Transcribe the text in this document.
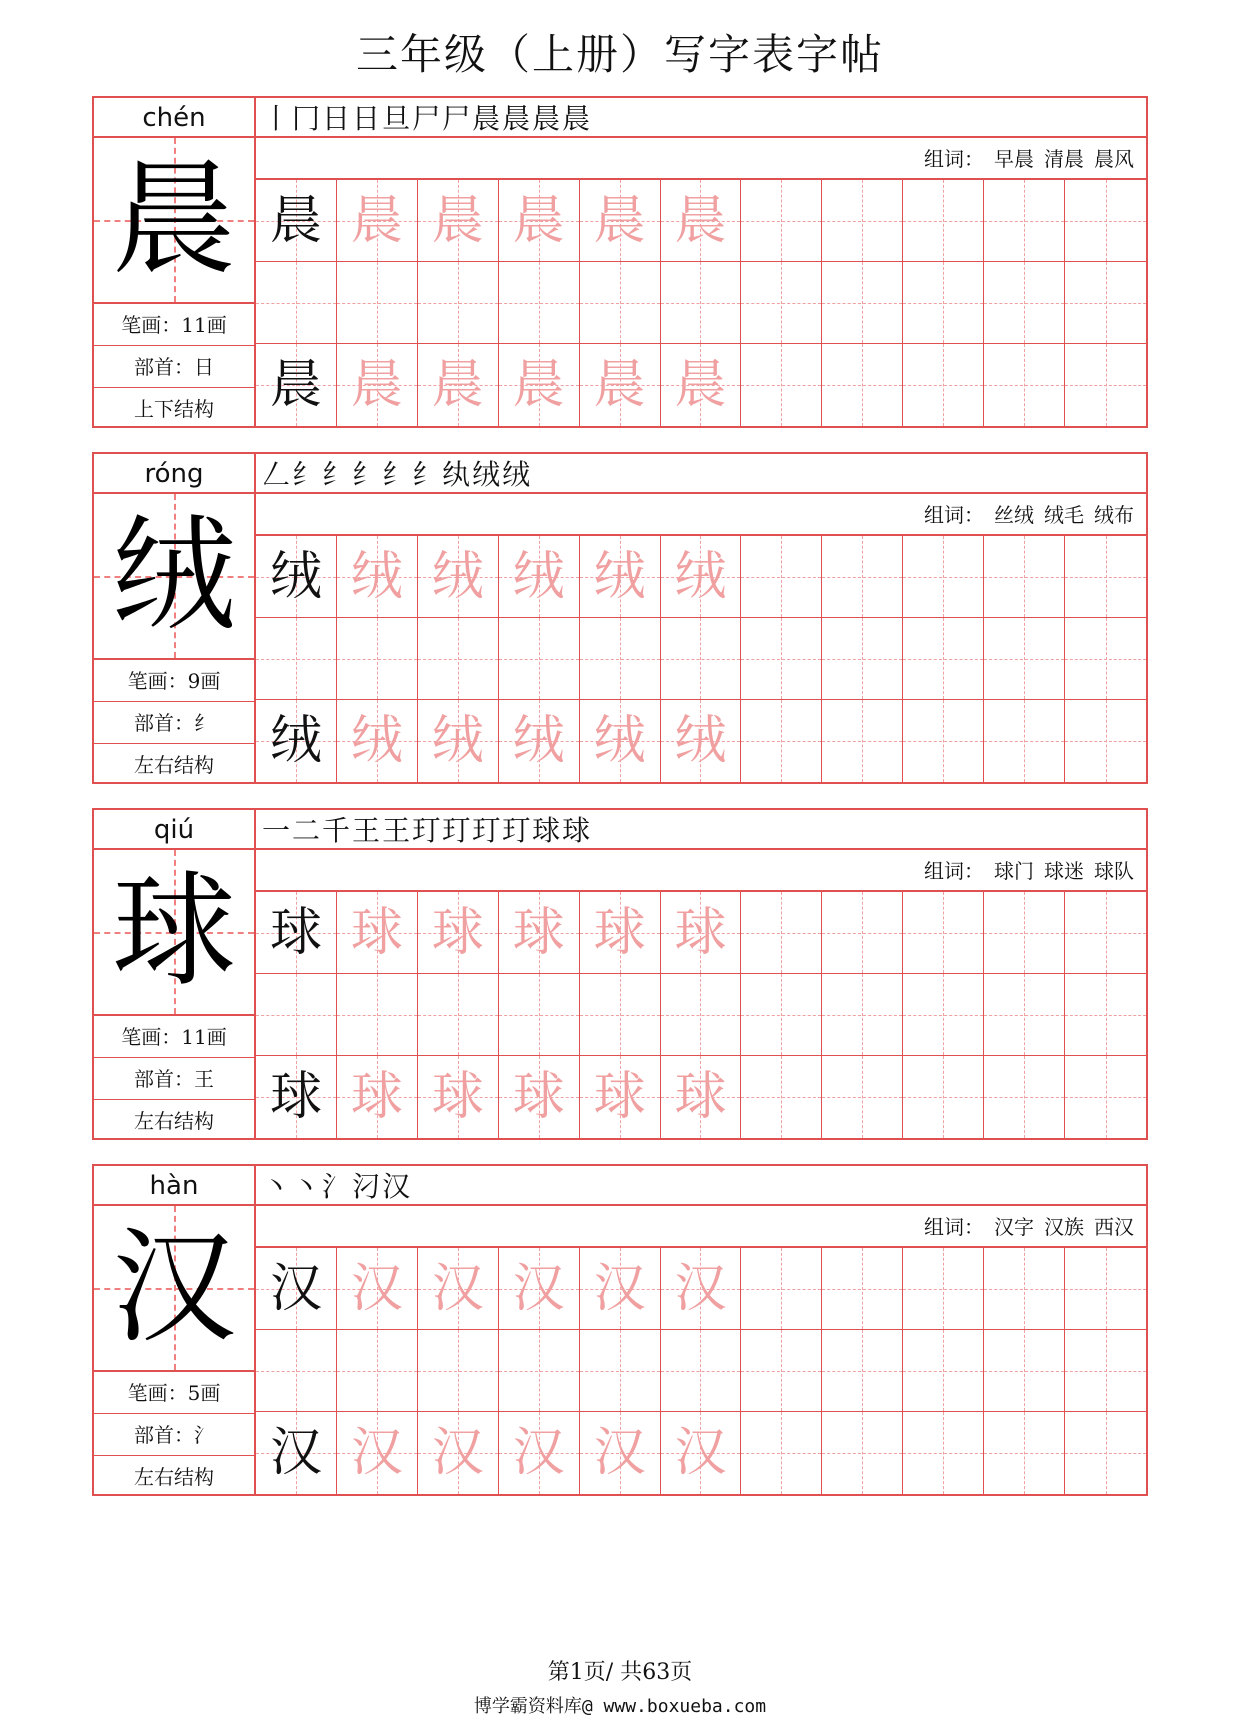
三年级（上册）写字表字帖
chén
晨
笔画：11画
部首：日
上下结构
丨 冂 日 日 旦 尸 尸 晨 晨 晨 晨
组词： 早晨 清晨 晨风
晨 晨 晨 晨 晨 晨
晨 晨 晨 晨 晨 晨
róng
绒
笔画：9画
部首：纟
左右结构
𠃋 纟 纟 纟 纟 纟 纨 绒 绒
组词： 丝绒 绒毛 绒布
绒 绒 绒 绒 绒 绒
绒 绒 绒 绒 绒 绒
qiú
球
笔画：11画
部首：王
左右结构
一 二 千 王 王 玎 玎 玎 玎 球 球
组词： 球门 球迷 球队
球 球 球 球 球 球
球 球 球 球 球 球
hàn
汉
笔画：5画
部首：氵
左右结构
丶 丶 氵 汈 汉
组词： 汉字 汉族 西汉
汉 汉 汉 汉 汉 汉
汉 汉 汉 汉 汉 汉
第1页/ 共63页
博学霸资料库@ www.boxueba.com
